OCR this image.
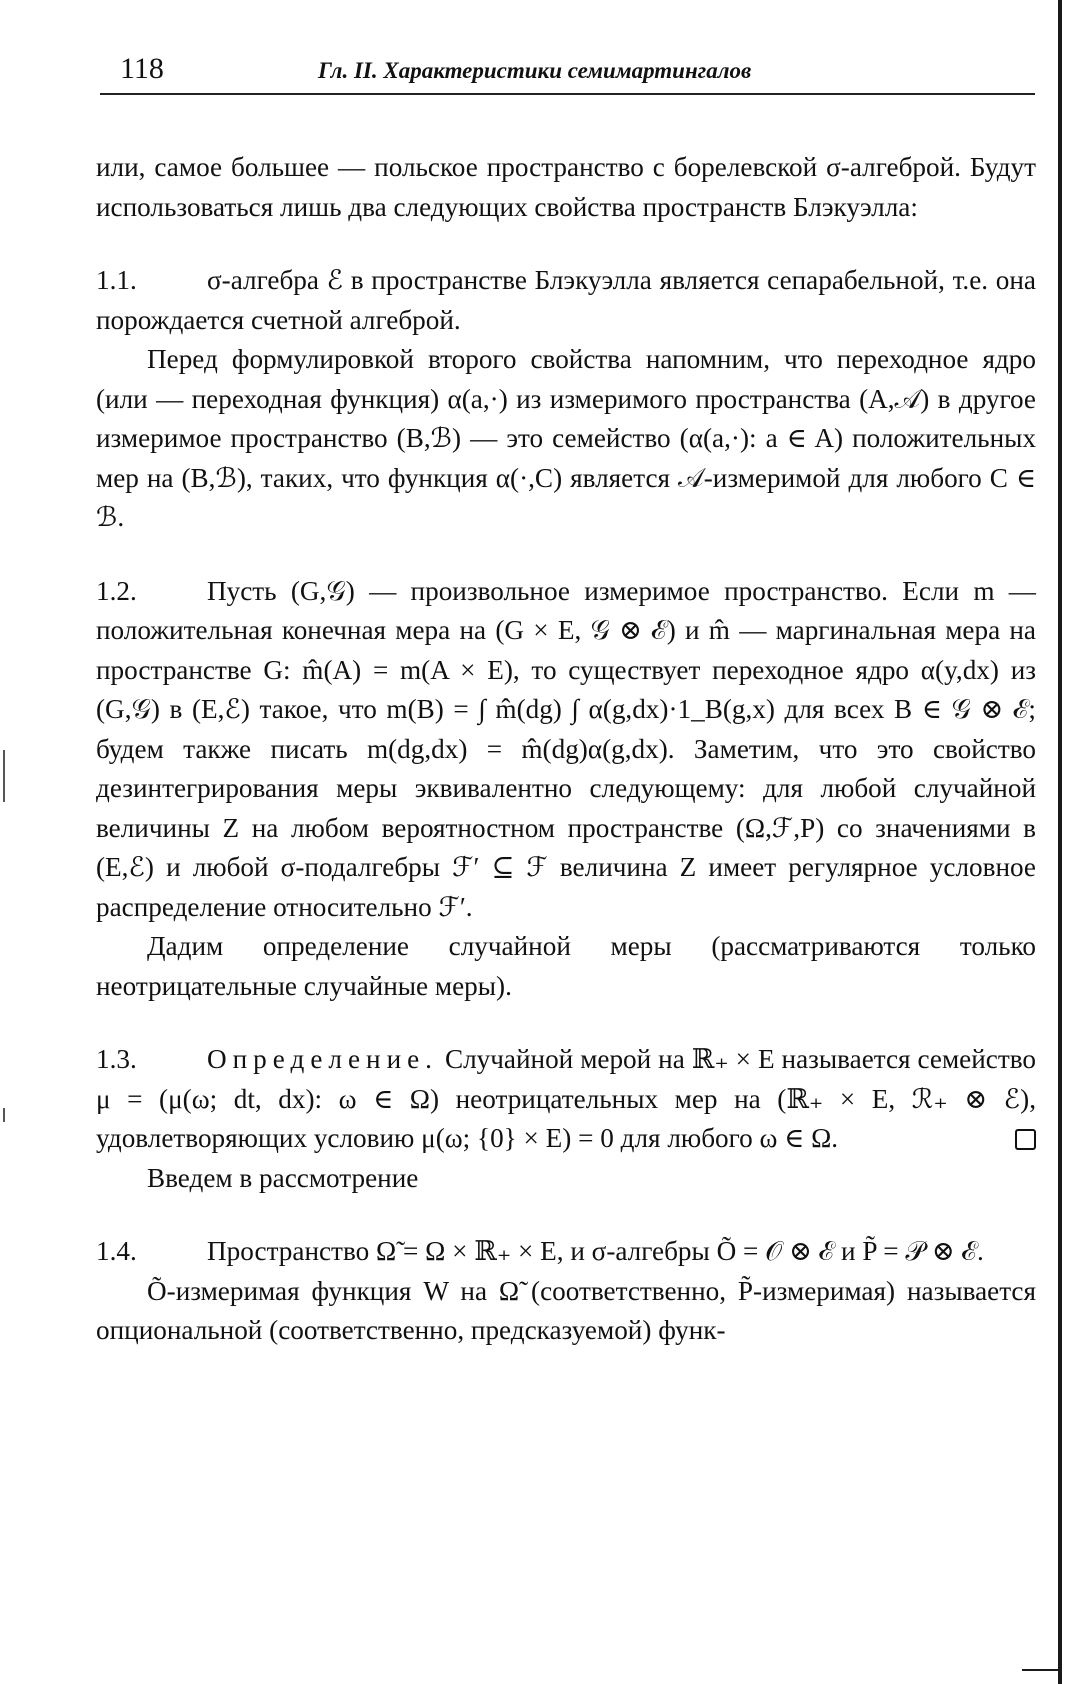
118	Гл. II. Характеристики семимартингалов

или, самое большее — польское пространство с борелевской σ-алгеброй. Будут использоваться лишь два следующих свойства пространств Блэкуэлла:

1.1.	σ-алгебра ℰ в пространстве Блэкуэлла является сепарабельной, т.е. она порождается счетной алгеброй.

Перед формулировкой второго свойства напомним, что переходное ядро (или — переходная функция) α(a,·) из измеримого пространства (A,𝒜) в другое измеримое пространство (B,ℬ) — это семейство (α(a,·): a ∈ A) положительных мер на (B,ℬ), таких, что функция α(·,C) является 𝒜-измеримой для любого C ∈ ℬ.

1.2.	Пусть (G,𝒢) — произвольное измеримое пространство. Если m — положительная конечная мера на (G × E, 𝒢 ⊗ ℰ) и m̂ — маргинальная мера на пространстве G: m̂(A) = m(A × E), то существует переходное ядро α(y,dx) из (G,𝒢) в (E,ℰ) такое, что m(B) = ∫ m̂(dg) ∫ α(g,dx)·1_B(g,x) для всех B ∈ 𝒢 ⊗ ℰ; будем также писать m(dg,dx) = m̂(dg)α(g,dx). Заметим, что это свойство дезинтегрирования меры эквивалентно следующему: для любой случайной величины Z на любом вероятностном пространстве (Ω,ℱ,P) со значениями в (E,ℰ) и любой σ-подалгебры ℱ′ ⊆ ℱ величина Z имеет регулярное условное распределение относительно ℱ′.

Дадим определение случайной меры (рассматриваются только неотрицательные случайные меры).

1.3.	Определение. Случайной мерой на ℝ₊ × E называется семейство μ = (μ(ω; dt, dx): ω ∈ Ω) неотрицательных мер на (ℝ₊ × E, ℛ₊ ⊗ ℰ), удовлетворяющих условию μ(ω; {0} × E) = 0 для любого ω ∈ Ω.

Введем в рассмотрение

1.4.	Пространство Ω̃ = Ω × ℝ₊ × E, и σ-алгебры Õ = 𝒪 ⊗ ℰ и P̃ = 𝒫 ⊗ ℰ.

Õ-измеримая функция W на Ω̃ (соответственно, P̃-измеримая) называется опциональной (соответственно, предсказуемой) функ-
